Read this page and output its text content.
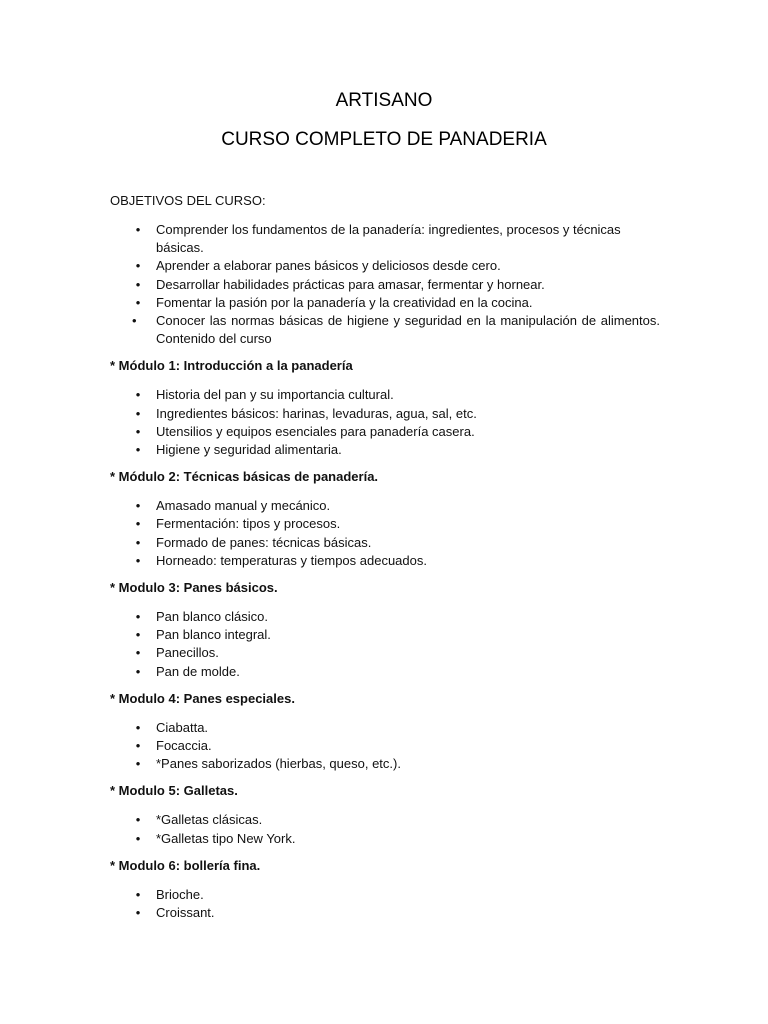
ARTISANO
CURSO COMPLETO DE PANADERIA
OBJETIVOS DEL CURSO:
• Comprender los fundamentos de la panadería: ingredientes, procesos y técnicas básicas.
• Aprender a elaborar panes básicos y deliciosos desde cero.
• Desarrollar habilidades prácticas para amasar, fermentar y hornear.
• Fomentar la pasión por la panadería y la creatividad en la cocina.
•	Conocer las normas básicas de higiene y seguridad en la manipulación de alimentos. Contenido del curso
* Módulo 1: Introducción a la panadería
• Historia del pan y su importancia cultural.
• Ingredientes básicos: harinas, levaduras, agua, sal, etc.
• Utensilios y equipos esenciales para panadería casera.
• Higiene y seguridad alimentaria.
* Módulo 2: Técnicas básicas de panadería.
• Amasado manual y mecánico.
• Fermentación: tipos y procesos.
• Formado de panes: técnicas básicas.
• Horneado: temperaturas y tiempos adecuados.
* Modulo 3: Panes básicos.
• Pan blanco clásico.
• Pan blanco integral.
• Panecillos.
• Pan de molde.
* Modulo 4: Panes especiales.
• Ciabatta.
• Focaccia.
• *Panes saborizados (hierbas, queso, etc.).
* Modulo 5: Galletas.
• *Galletas clásicas.
• *Galletas tipo New York.
* Modulo 6: bollería fina.
• Brioche.
• Croissant.
